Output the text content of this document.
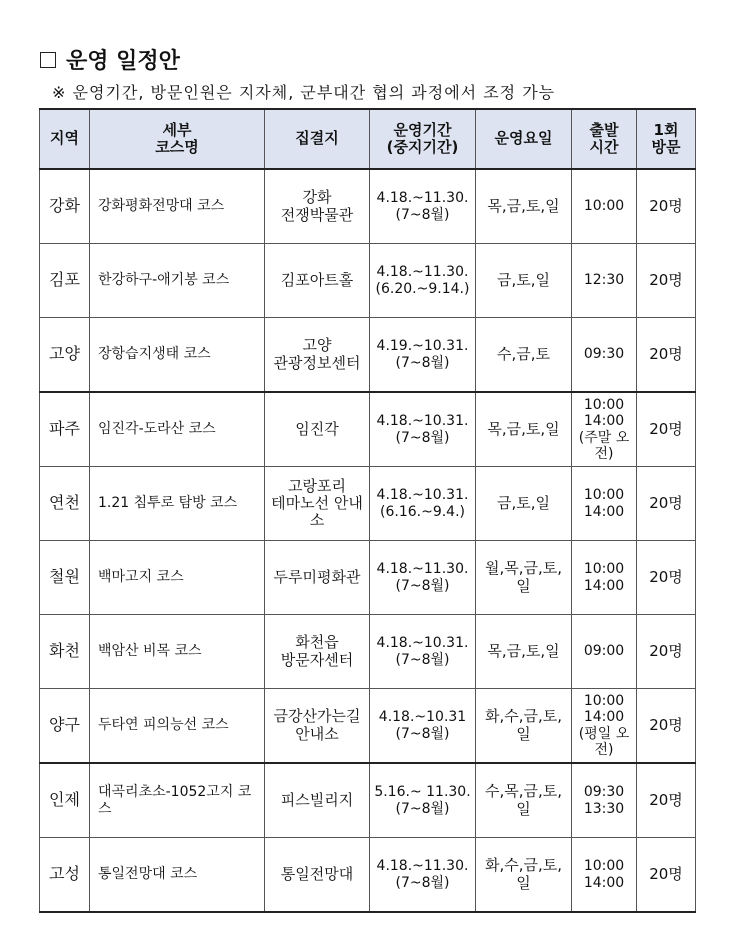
운영 일정안
※ 운영기간, 방문인원은 지자체, 군부대간 협의 과정에서 조정 가능
지역	세부
코스명	집결지	운영기간
(중지기간)	운영요일	출발
시간	1회
방문

강화	강화평화전망대 코스	강화
전쟁박물관	4.18.~11.30.
(7~8월)	목,금,토,일	10:00	20명

김포	한강하구-애기봉 코스	김포아트홀	4.18.~11.30.
(6.20.~9.14.)	금,토,일	12:30	20명

고양	장항습지생태 코스	고양
관광정보센터	4.19.~10.31.
(7~8월)	수,금,토	09:30	20명

파주	임진각-도라산 코스	임진각	4.18.~10.31.
(7~8월)	목,금,토,일	10:00
14:00
(주말 오전)	20명

연천	1.21 침투로 탐방 코스	고랑포리
테마노선 안내소	4.18.~10.31.
(6.16.~9.4.)	금,토,일	10:00
14:00	20명

철원	백마고지 코스	두루미평화관	4.18.~11.30.
(7~8월)	월,목,금,토,일	10:00
14:00	20명

화천	백암산 비목 코스	화천읍
방문자센터	4.18.~10.31.
(7~8월)	목,금,토,일	09:00	20명

양구	두타연 피의능선 코스	금강산가는길
안내소	4.18.~10.31
(7~8월)	화,수,금,토,일	10:00
14:00
(평일 오전)	20명

인제	대곡리초소-1052고지 코스	피스빌리지	5.16.~ 11.30.
(7~8월)	수,목,금,토,일	09:30
13:30	20명

고성	통일전망대 코스	통일전망대	4.18.~11.30.
(7~8월)	화,수,금,토,일	10:00
14:00	20명
